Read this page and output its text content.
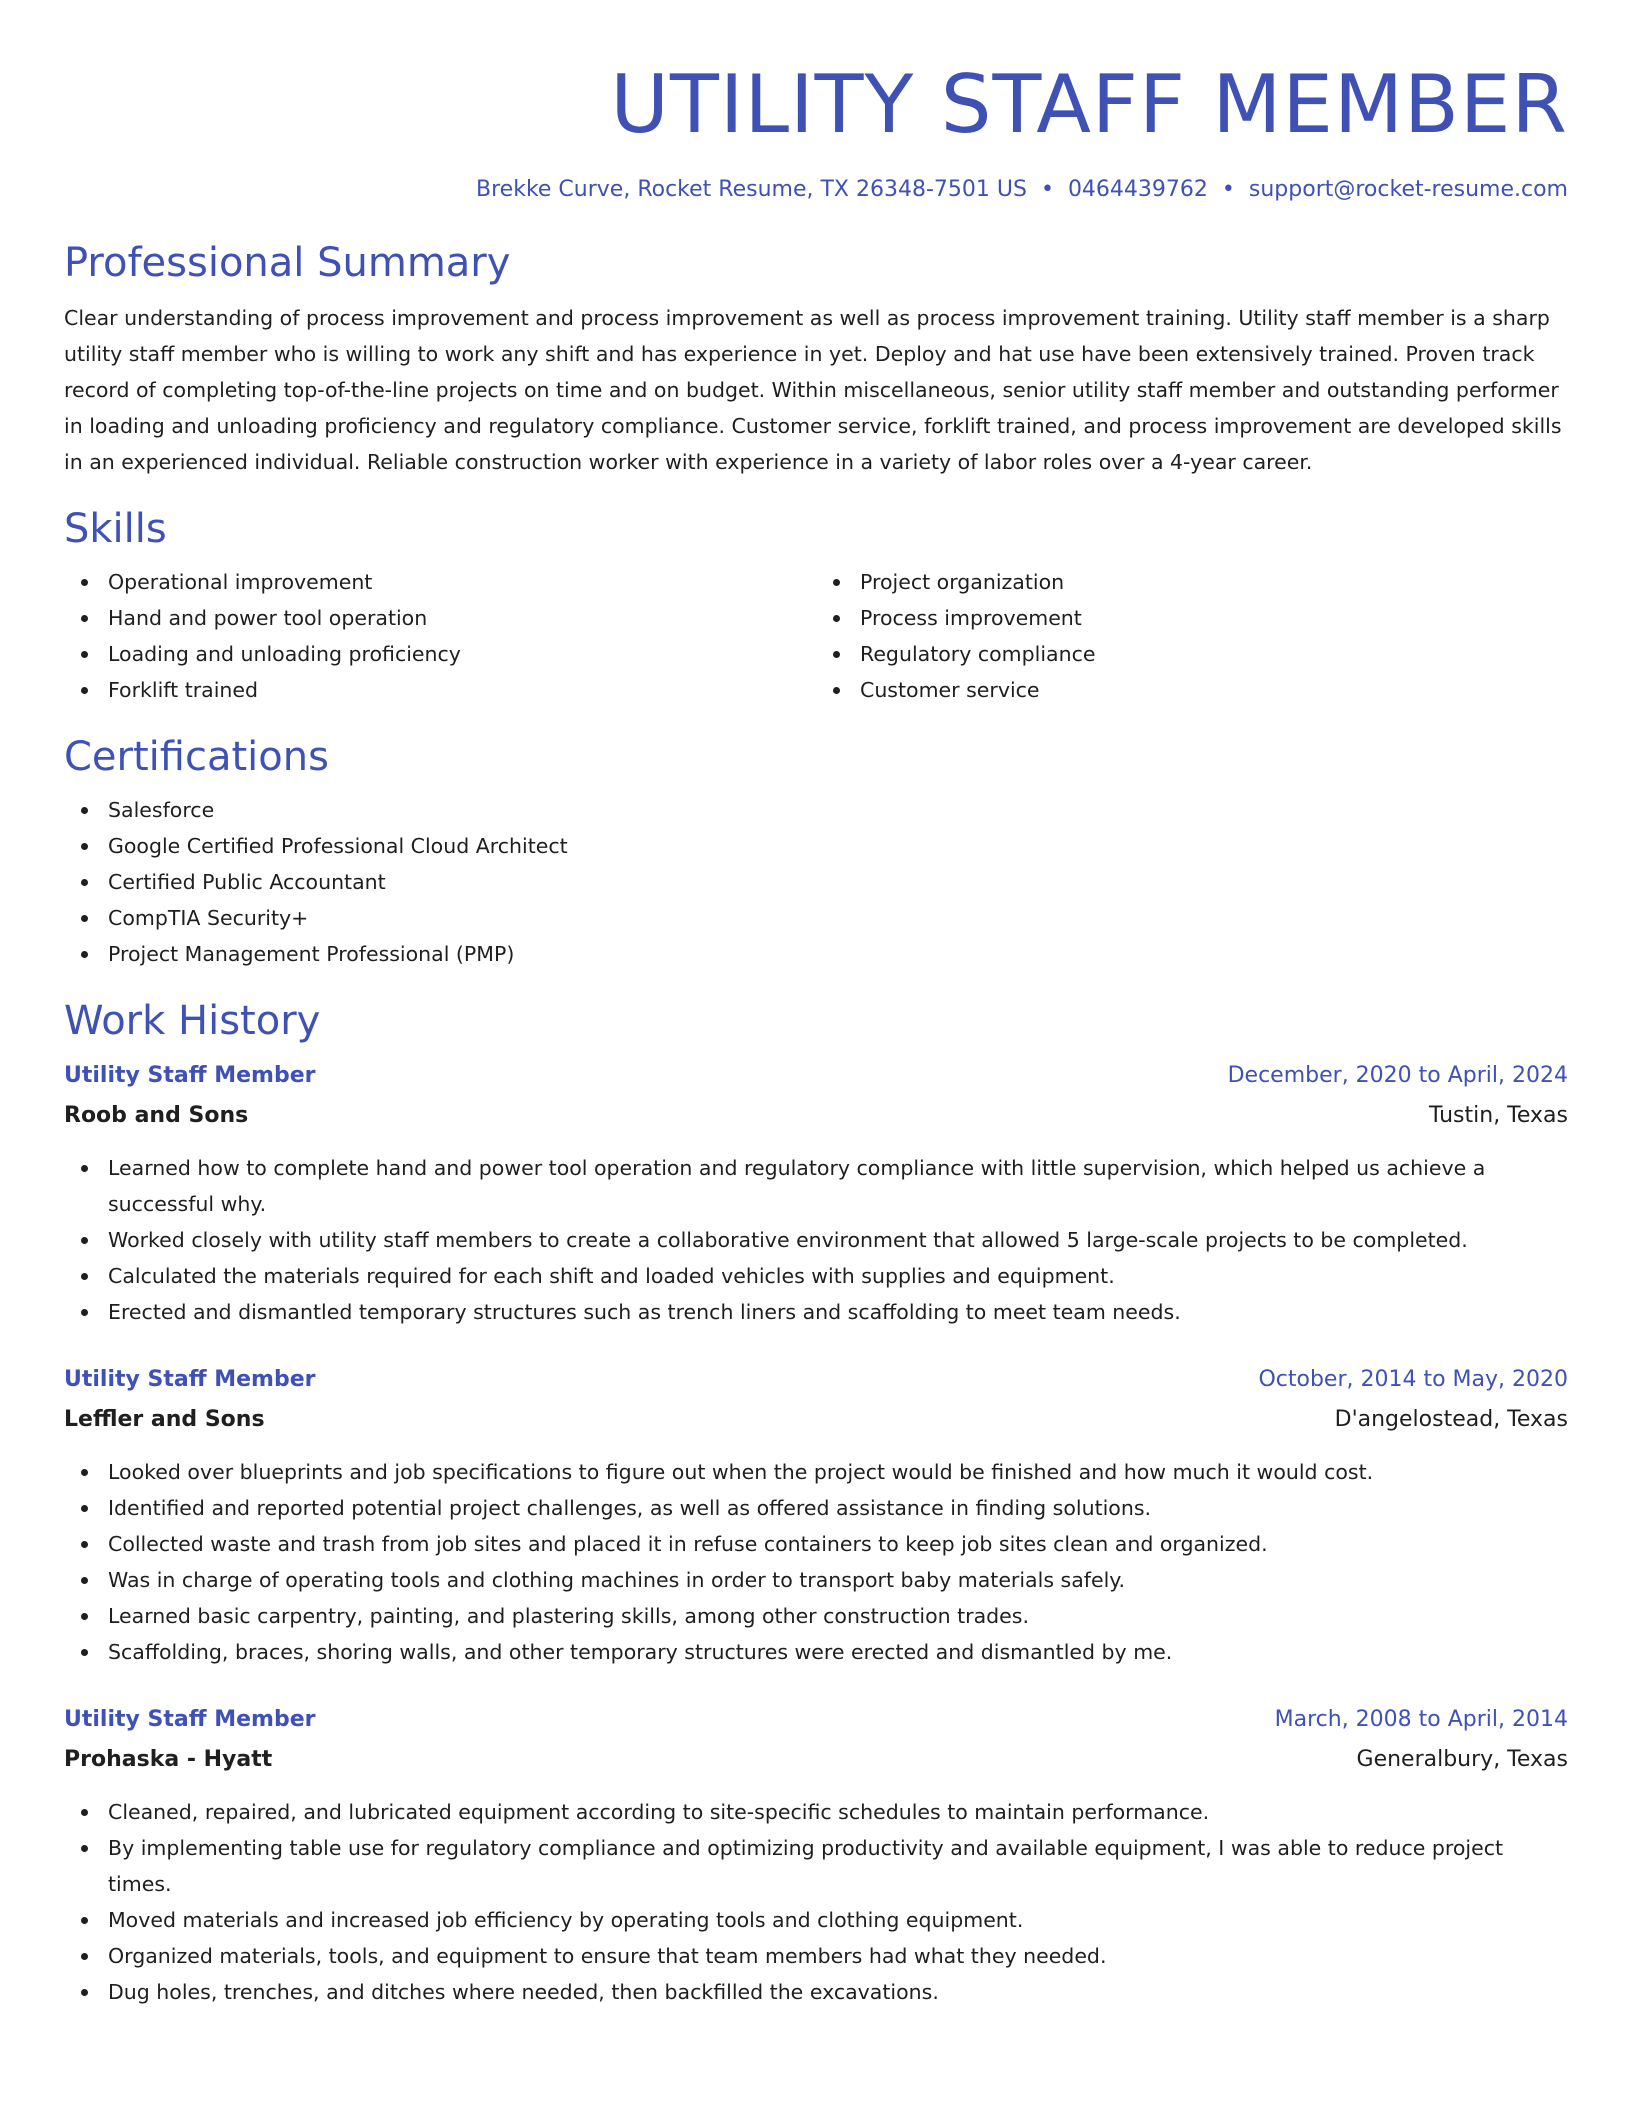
UTILITY STAFF MEMBER
Brekke Curve, Rocket Resume, TX 26348-7501 US • 0464439762 • support@rocket-resume.com
Professional Summary

Clear understanding of process improvement and process improvement as well as process improvement training. Utility staff member is a sharp utility staff member who is willing to work any shift and has experience in yet. Deploy and hat use have been extensively trained. Proven track record of completing top-of-the-line projects on time and on budget. Within miscellaneous, senior utility staff member and outstanding performer in loading and unloading proficiency and regulatory compliance. Customer service, forklift trained, and process improvement are developed skills in an experienced individual. Reliable construction worker with experience in a variety of labor roles over a 4-year career.

Skills
Operational improvement
Hand and power tool operation
Loading and unloading proficiency
Forklift trained
Project organization
Process improvement
Regulatory compliance
Customer service
Certifications
Salesforce
Google Certified Professional Cloud Architect
Certified Public Accountant
CompTIA Security+
Project Management Professional (PMP)
Work History
Utility Staff Member	December, 2020 to April, 2024
Roob and Sons	Tustin, Texas
Learned how to complete hand and power tool operation and regulatory compliance with little supervision, which helped us achieve a successful why.
Worked closely with utility staff members to create a collaborative environment that allowed 5 large-scale projects to be completed.
Calculated the materials required for each shift and loaded vehicles with supplies and equipment.
Erected and dismantled temporary structures such as trench liners and scaffolding to meet team needs.
Utility Staff Member	October, 2014 to May, 2020
Leffler and Sons	D'angelostead, Texas
Looked over blueprints and job specifications to figure out when the project would be finished and how much it would cost.
Identified and reported potential project challenges, as well as offered assistance in finding solutions.
Collected waste and trash from job sites and placed it in refuse containers to keep job sites clean and organized.
Was in charge of operating tools and clothing machines in order to transport baby materials safely.
Learned basic carpentry, painting, and plastering skills, among other construction trades.
Scaffolding, braces, shoring walls, and other temporary structures were erected and dismantled by me.
Utility Staff Member	March, 2008 to April, 2014
Prohaska - Hyatt	Generalbury, Texas
Cleaned, repaired, and lubricated equipment according to site-specific schedules to maintain performance.
By implementing table use for regulatory compliance and optimizing productivity and available equipment, I was able to reduce project times.
Moved materials and increased job efficiency by operating tools and clothing equipment.
Organized materials, tools, and equipment to ensure that team members had what they needed.
Dug holes, trenches, and ditches where needed, then backfilled the excavations.
